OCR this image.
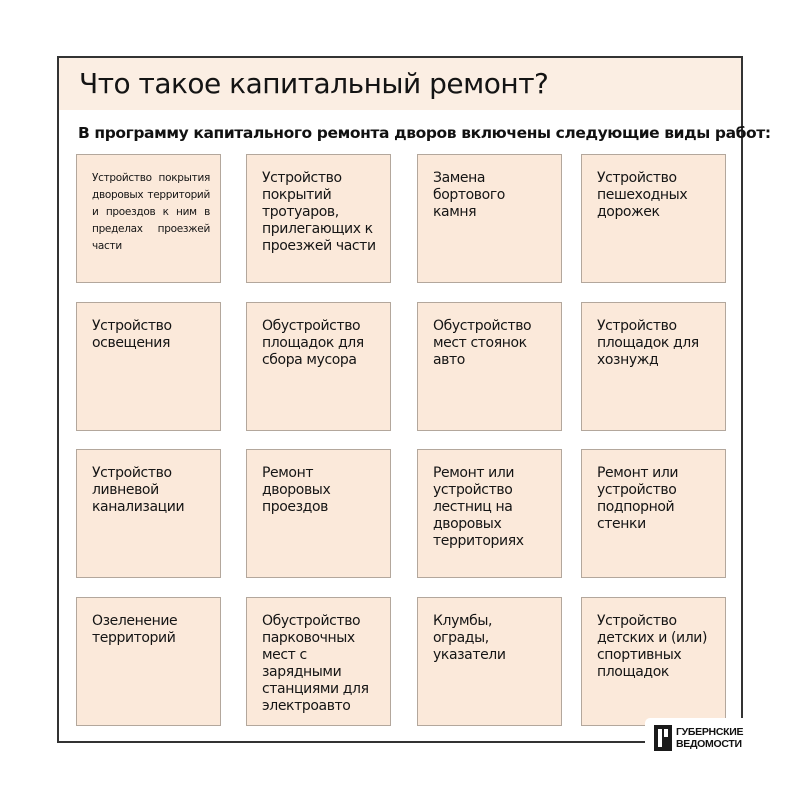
Что такое капитальный ремонт?

В программу капитального ремонта дворов включены следующие виды работ:

Устройство покрытия дворовых территорий и проездов к ним в пределах проезжей части

Устройство покрытий тротуаров, прилегающих к проезжей части

Замена бортового камня

Устройство пешеходных дорожек

Устройство освещения

Обустройство площадок для сбора мусора

Обустройство мест стоянок авто

Устройство площадок для хознужд

Устройство ливневой канализации

Ремонт дворовых проездов

Ремонт или устройство лестниц на дворовых территориях

Ремонт или устройство подпорной стенки

Озеленение территорий

Обустройство парковочных мест с зарядными станциями для электроавто

Клумбы, ограды, указатели

Устройство детских и (или) спортивных площадок

ГУБЕРНСКИЕ

ВЕДОМОСТИ
